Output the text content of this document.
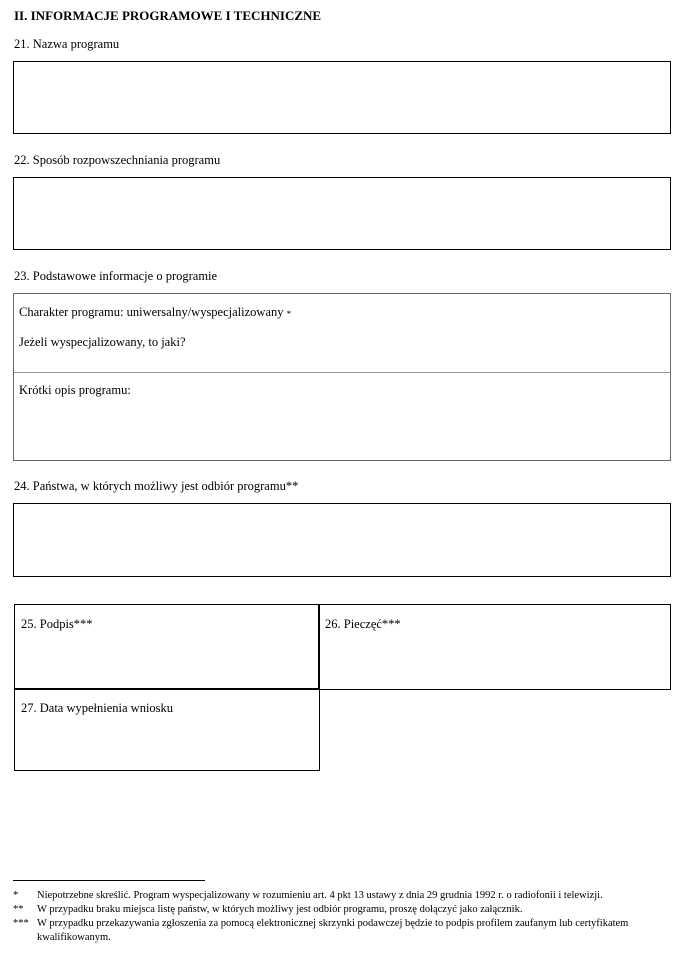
II. INFORMACJE PROGRAMOWE I TECHNICZNE
21. Nazwa programu
22. Sposób rozpowszechniania programu
23. Podstawowe informacje o programie
Charakter programu: uniwersalny/wyspecjalizowany *
Jeżeli wyspecjalizowany, to jaki?
Krótki opis programu:
24. Państwa, w których możliwy jest odbiór programu**
25. Podpis***	26. Pieczęć***
27. Data wypełnienia wniosku
* Niepotrzebne skreślić. Program wyspecjalizowany w rozumieniu art. 4 pkt 13 ustawy z dnia 29 grudnia 1992 r. o radiofonii i telewizji.
** W przypadku braku miejsca listę państw, w których możliwy jest odbiór programu, proszę dołączyć jako załącznik.
*** W przypadku przekazywania zgłoszenia za pomocą elektronicznej skrzynki podawczej będzie to podpis profilem zaufanym lub certyfikatem kwalifikowanym.
